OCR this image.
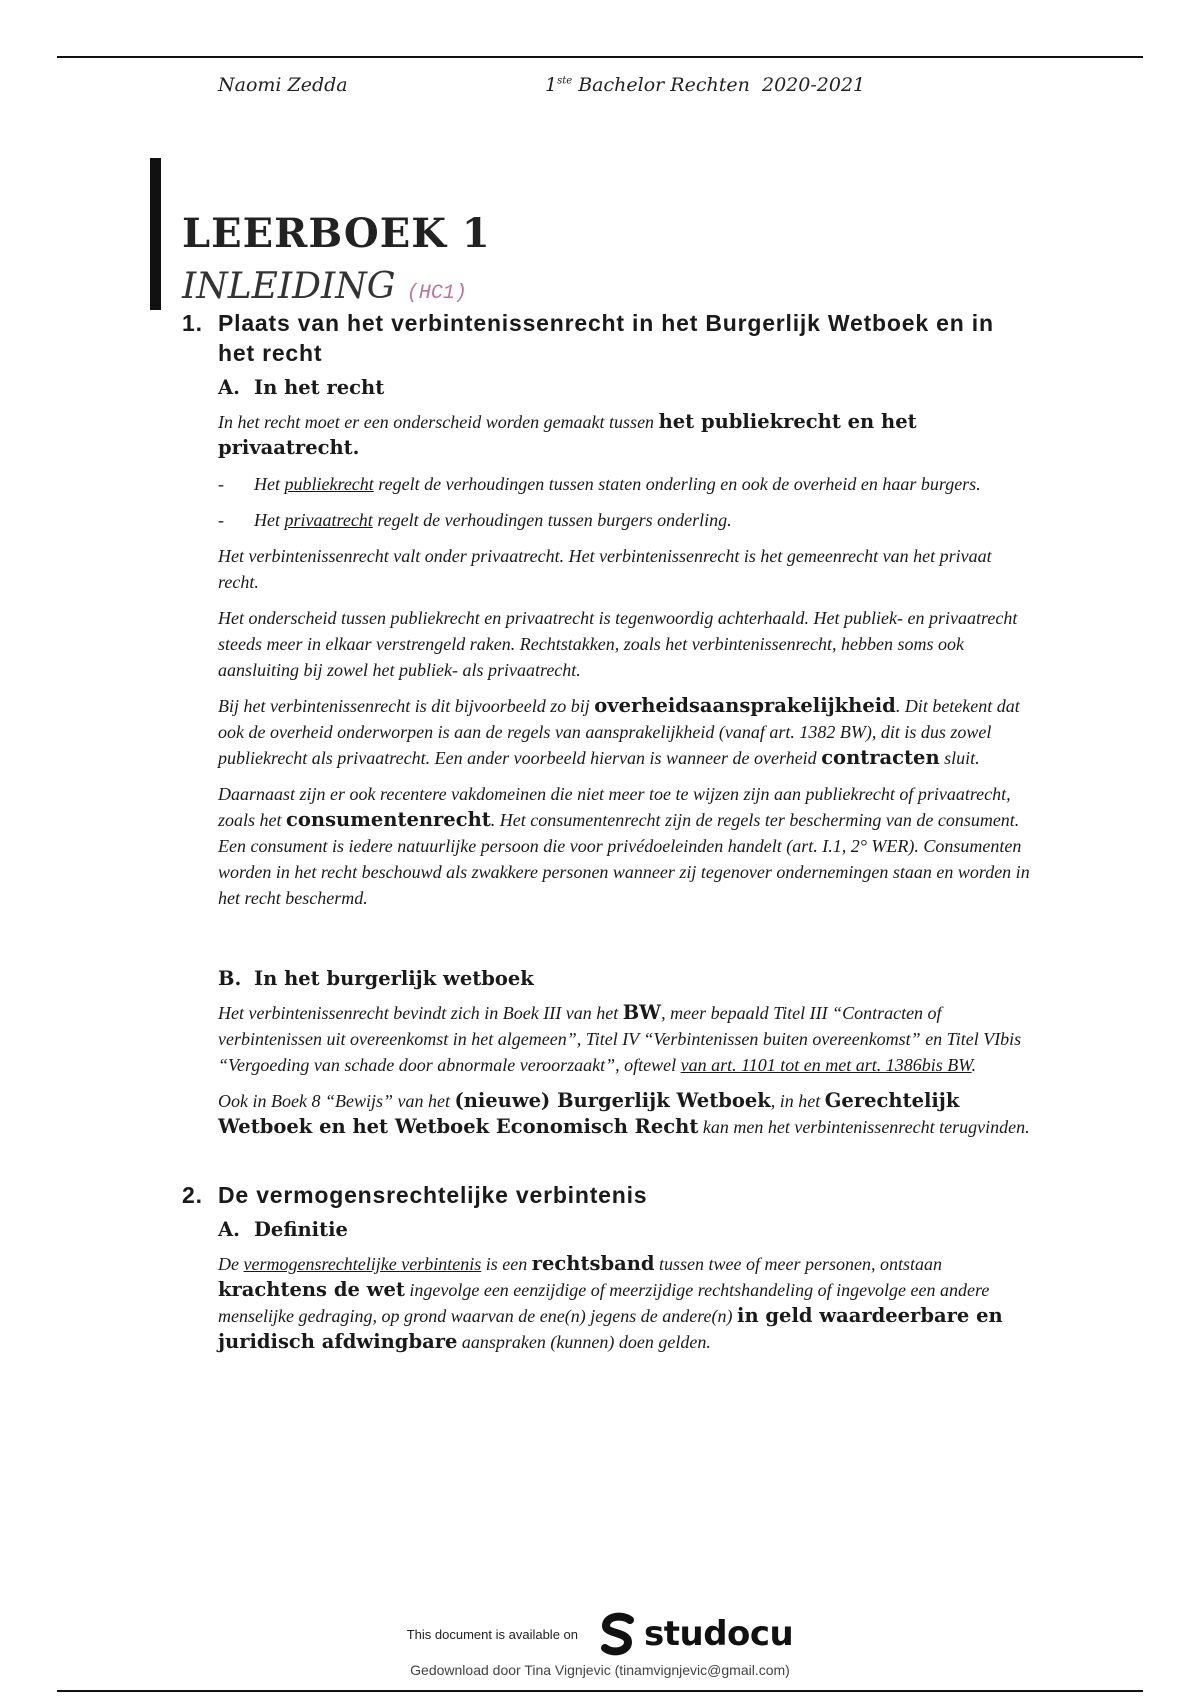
Naomi Zedda	1ste Bachelor Rechten 2020-2021
LEERBOEK 1
INLEIDING (HC1)
1. Plaats van het verbintenissenrecht in het Burgerlijk Wetboek en in het recht
A. In het recht

In het recht moet er een onderscheid worden gemaakt tussen het publiekrecht en het privaatrecht.

-	Het publiekrecht regelt de verhoudingen tussen staten onderling en ook de overheid en haar burgers.
-	Het privaatrecht regelt de verhoudingen tussen burgers onderling.

Het verbintenissenrecht valt onder privaatrecht. Het verbintenissenrecht is het gemeenrecht van het privaat recht.

Het onderscheid tussen publiekrecht en privaatrecht is tegenwoordig achterhaald. Het publiek- en privaatrecht steeds meer in elkaar verstrengeld raken. Rechtstakken, zoals het verbintenissenrecht, hebben soms ook aansluiting bij zowel het publiek- als privaatrecht.

Bij het verbintenissenrecht is dit bijvoorbeeld zo bij overheidsaansprakelijkheid. Dit betekent dat ook de overheid onderworpen is aan de regels van aansprakelijkheid (vanaf art. 1382 BW), dit is dus zowel publiekrecht als privaatrecht. Een ander voorbeeld hiervan is wanneer de overheid contracten sluit.

Daarnaast zijn er ook recentere vakdomeinen die niet meer toe te wijzen zijn aan publiekrecht of privaatrecht, zoals het consumentenrecht. Het consumentenrecht zijn de regels ter bescherming van de consument. Een consument is iedere natuurlijke persoon die voor privédoeleinden handelt (art. I.1, 2° WER). Consumenten worden in het recht beschouwd als zwakkere personen wanneer zij tegenover ondernemingen staan en worden in het recht beschermd.

B. In het burgerlijk wetboek

Het verbintenissenrecht bevindt zich in Boek III van het BW, meer bepaald Titel III “Contracten of verbintenissen uit overeenkomst in het algemeen”, Titel IV “Verbintenissen buiten overeenkomst” en Titel VIbis “Vergoeding van schade door abnormale veroorzaakt”, oftewel van art. 1101 tot en met art. 1386bis BW.

Ook in Boek 8 “Bewijs” van het (nieuwe) Burgerlijk Wetboek, in het Gerechtelijk Wetboek en het Wetboek Economisch Recht kan men het verbintenissenrecht terugvinden.

2. De vermogensrechtelijke verbintenis
A. Definitie

De vermogensrechtelijke verbintenis is een rechtsband tussen twee of meer personen, ontstaan krachtens de wet ingevolge een eenzijdige of meerzijdige rechtshandeling of ingevolge een andere menselijke gedraging, op grond waarvan de ene(n) jegens de andere(n) in geld waardeerbare en juridisch afdwingbare aanspraken (kunnen) doen gelden.

This document is available on studocu
Gedownload door Tina Vignjevic (tinamvignjevic@gmail.com)
